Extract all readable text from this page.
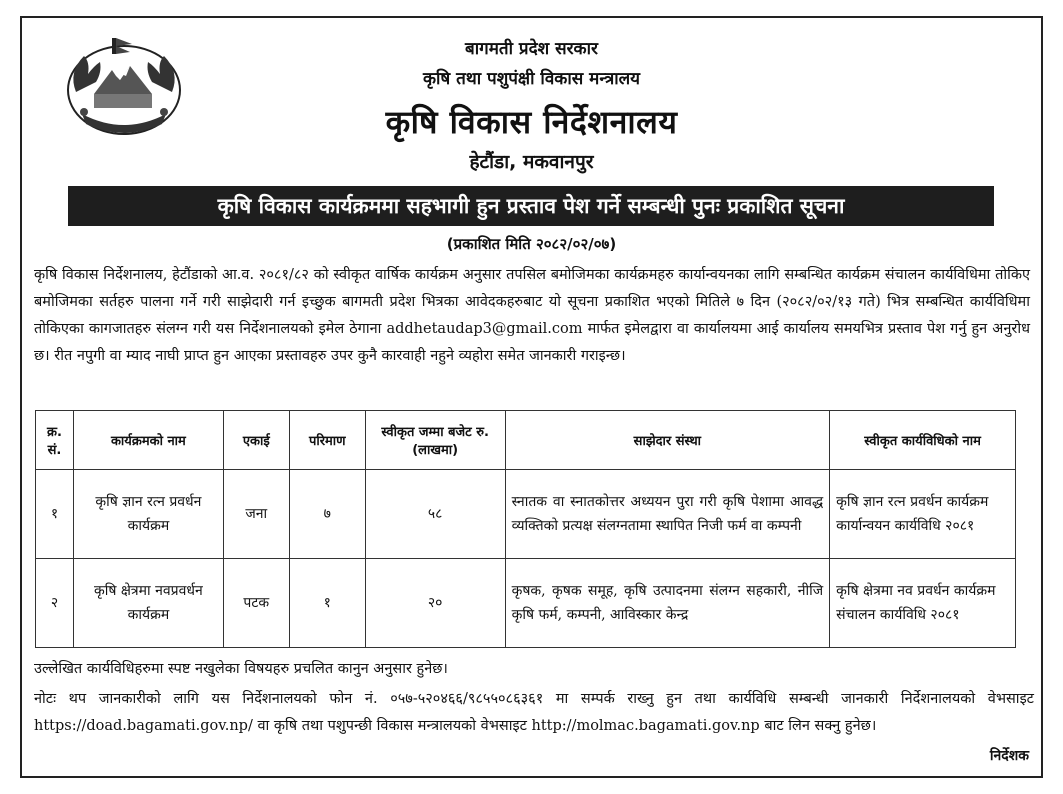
बागमती प्रदेश सरकार
कृषि तथा पशुपंक्षी विकास मन्त्रालय
कृषि विकास निर्देशनालय
हेटौंडा, मकवानपुर
कृषि विकास कार्यक्रममा सहभागी हुन प्रस्ताव पेश गर्ने सम्बन्धी पुनः प्रकाशित सूचना
(प्रकाशित मिति २०८२/०२/०७)
कृषि विकास निर्देशनालय, हेटौंडाको आ.व. २०८१/८२ को स्वीकृत वार्षिक कार्यक्रम अनुसार तपसिल बमोजिमका कार्यक्रमहरु कार्यान्वयनका लागि सम्बन्धित कार्यक्रम संचालन कार्यविधिमा तोकिए बमोजिमका सर्तहरु पालना गर्ने गरी साझेदारी गर्न इच्छुक बागमती प्रदेश भित्रका आवेदकहरुबाट यो सूचना प्रकाशित भएको मितिले ७ दिन (२०८२/०२/१३ गते) भित्र सम्बन्धित कार्यविधिमा तोकिएका कागजातहरु संलग्न गरी यस निर्देशनालयको इमेल ठेगाना addhetaudap3@gmail.com मार्फत इमेलद्वारा वा कार्यालयमा आई कार्यालय समयभित्र प्रस्ताव पेश गर्नु हुन अनुरोध छ। रीत नपुगी वा म्याद नाघी प्राप्त हुन आएका प्रस्तावहरु उपर कुनै कारवाही नहुने व्यहोरा समेत जानकारी गराइन्छ।
क्र. सं.	कार्यक्रमको नाम	एकाई	परिमाण	स्वीकृत जम्मा बजेट रु.(लाखमा)	साझेदार संस्था	स्वीकृत कार्यविधिको नाम
१	कृषि ज्ञान रत्न प्रवर्धन कार्यक्रम	जना	७	५८	स्नातक वा स्नातकोत्तर अध्ययन पुरा गरी कृषि पेशामा आवद्ध व्यक्तिको प्रत्यक्ष संलग्नतामा स्थापित निजी फर्म वा कम्पनी	कृषि ज्ञान रत्न प्रवर्धन कार्यक्रम कार्यान्वयन कार्यविधि २०८१
२	कृषि क्षेत्रमा नवप्रवर्धन कार्यक्रम	पटक	१	२०	कृषक, कृषक समूह, कृषि उत्पादनमा संलग्न सहकारी, नीजि कृषि फर्म, कम्पनी, आविस्कार केन्द्र	कृषि क्षेत्रमा नव प्रवर्धन कार्यक्रम संचालन कार्यविधि २०८१
उल्लेखित कार्यविधिहरुमा स्पष्ट नखुलेका विषयहरु प्रचलित कानुन अनुसार हुनेछ।
नोटः थप जानकारीको लागि यस निर्देशनालयको फोन नं. ०५७-५२०४६६/९८५५०८६३६१ मा सम्पर्क राख्नु हुन तथा कार्यविधि सम्बन्धी जानकारी निर्देशनालयको वेभसाइट https://doad.bagamati.gov.np/ वा कृषि तथा पशुपन्छी विकास मन्त्रालयको वेभसाइट http://molmac.bagamati.gov.np बाट लिन सक्नु हुनेछ।
निर्देशक
